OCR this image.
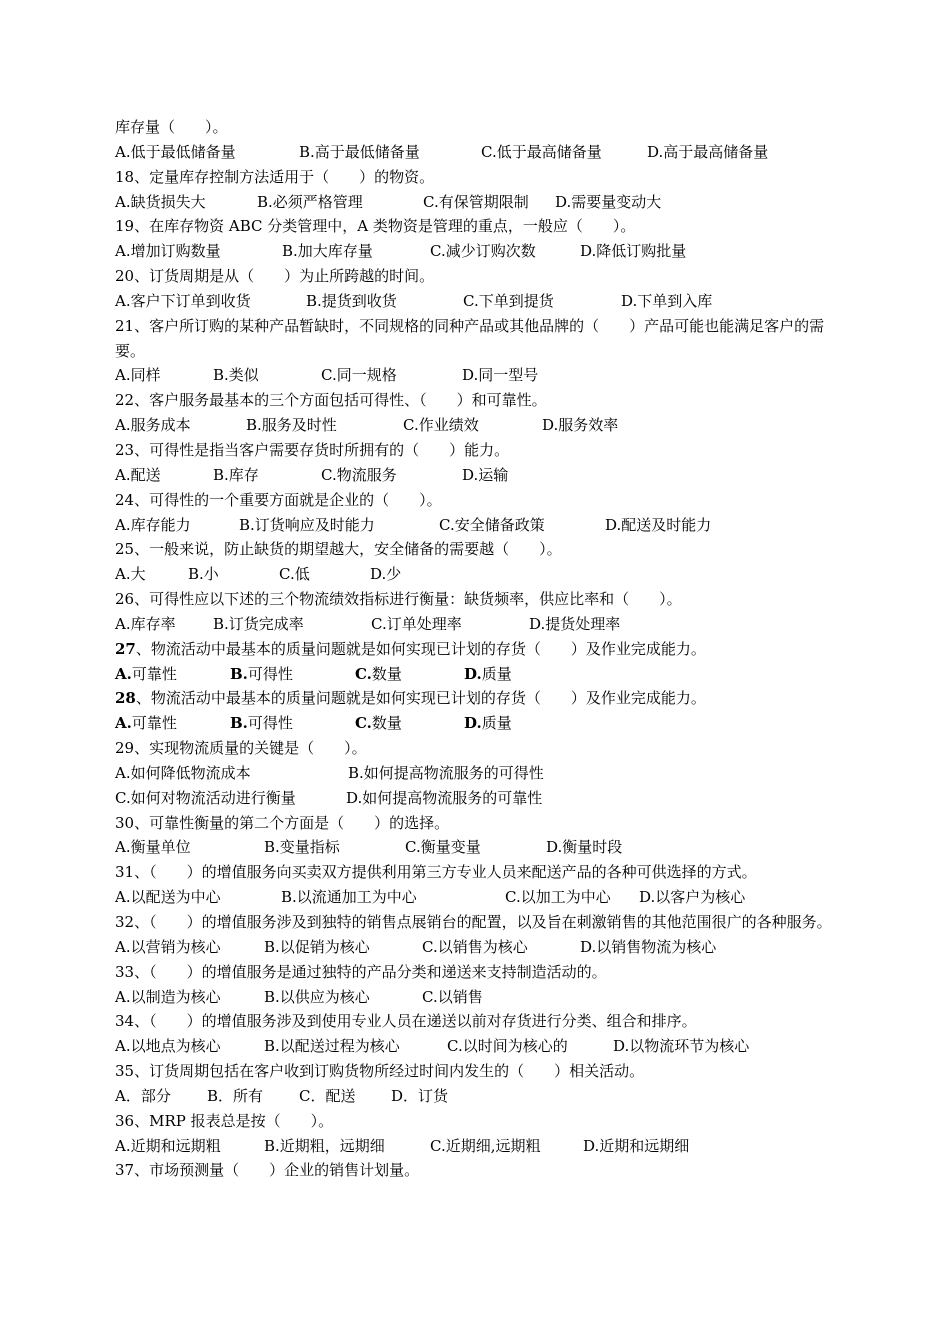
库存量（　　）。
A.低于最低储备量	B.高于最低储备量	C.低于最高储备量	D.高于最高储备量
18、定量库存控制方法适用于（　　）的物资。
A.缺货损失大	B.必须严格管理	C.有保管期限制 D.需要量变动大
19、在库存物资 ABC 分类管理中，A 类物资是管理的重点，一般应（　　）。
A.增加订购数量	B.加大库存量	C.减少订购次数	D.降低订购批量
20、订货周期是从（　　）为止所跨越的时间。
A.客户下订单到收货	B.提货到收货	C.下单到提货	D.下单到入库
21、客户所订购的某种产品暂缺时，不同规格的同种产品或其他品牌的（　　）产品可能也能满足客户的需要。
A.同样	B.类似	C.同一规格	D.同一型号
22、客户服务最基本的三个方面包括可得性、（　　）和可靠性。
A.服务成本	B.服务及时性	C.作业绩效	D.服务效率
23、可得性是指当客户需要存货时所拥有的（　　）能力。
A.配送	B.库存	C.物流服务	D.运输
24、可得性的一个重要方面就是企业的（　　）。
A.库存能力	B.订货响应及时能力	C.安全储备政策	D.配送及时能力
25、一般来说，防止缺货的期望越大，安全储备的需要越（　　）。
A.大	B.小	C.低	D.少
26、可得性应以下述的三个物流绩效指标进行衡量：缺货频率，供应比率和（　　）。
A.库存率 B.订货完成率	C.订单处理率	D.提货处理率
27、物流活动中最基本的质量问题就是如何实现已计划的存货（　　）及作业完成能力。
A.可靠性	B.可得性	C.数量	D.质量
28、物流活动中最基本的质量问题就是如何实现已计划的存货（　　）及作业完成能力。
A.可靠性	B.可得性	C.数量	D.质量
29、实现物流质量的关键是（　　）。
A.如何降低物流成本	B.如何提高物流服务的可得性
C.如何对物流活动进行衡量	D.如何提高物流服务的可靠性
30、可靠性衡量的第二个方面是（　　）的选择。
A.衡量单位	B.变量指标	C.衡量变量	D.衡量时段
31、（　　）的增值服务向买卖双方提供利用第三方专业人员来配送产品的各种可供选择的方式。
A.以配送为中心	B.以流通加工为中心	C.以加工为中心 D.以客户为核心
32、（　　）的增值服务涉及到独特的销售点展销台的配置，以及旨在刺激销售的其他范围很广的各种服务。
A.以营销为核心	B.以促销为核心	C.以销售为核心	D.以销售物流为核心
33、（　　）的增值服务是通过独特的产品分类和递送来支持制造活动的。
A.以制造为核心	B.以供应为核心	C.以销售
34、（　　）的增值服务涉及到使用专业人员在递送以前对存货进行分类、组合和排序。
A.以地点为核心	B.以配送过程为核心	C.以时间为核心的	D.以物流环节为核心
35、订货周期包括在客户收到订购货物所经过时间内发生的（　　）相关活动。
A．部分 B．所有 C．配送 D．订货
36、MRP 报表总是按（　　）。
A.近期和远期粗	B.近期粗，远期细	C.近期细,远期粗	D.近期和远期细
37、市场预测量（　　）企业的销售计划量。
